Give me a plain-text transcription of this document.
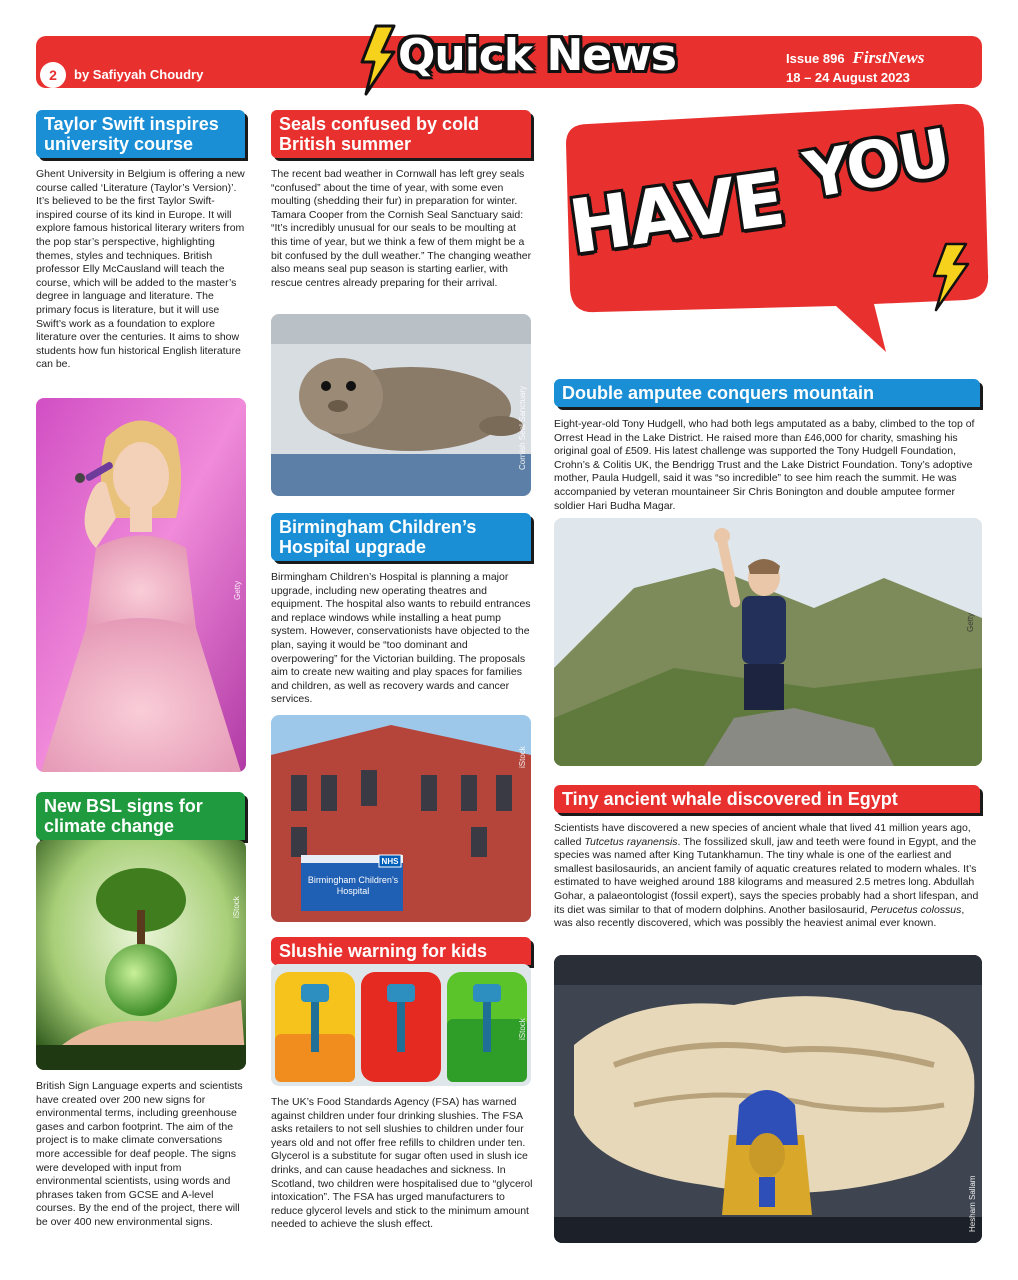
2	by Safiyyah Choudry	Quick News	Issue 896 FirstNews
18 – 24 August 2023
Taylor Swift inspires university course
Ghent University in Belgium is offering a new course called ‘Literature (Taylor’s Version)’. It’s believed to be the first Taylor Swift-inspired course of its kind in Europe. It will explore famous historical literary writers from the pop star’s perspective, highlighting themes, styles and techniques. British professor Elly McCausland will teach the course, which will be added to the master’s degree in language and literature. The primary focus is literature, but it will use Swift’s work as a foundation to explore literature over the centuries. It aims to show students how fun historical English literature can be.
Getty
New BSL signs for climate change
iStock
British Sign Language experts and scientists have created over 200 new signs for environmental terms, including greenhouse gases and carbon footprint. The aim of the project is to make climate conversations more accessible for deaf people. The signs were developed with input from environmental scientists, using words and phrases taken from GCSE and A-level courses. By the end of the project, there will be over 400 new environmental signs.
Seals confused by cold British summer
The recent bad weather in Cornwall has left grey seals “confused” about the time of year, with some even moulting (shedding their fur) in preparation for winter. Tamara Cooper from the Cornish Seal Sanctuary said: “It’s incredibly unusual for our seals to be moulting at this time of year, but we think a few of them might be a bit confused by the dull weather.” The changing weather also means seal pup season is starting earlier, with rescue centres already preparing for their arrival.
Cornish Seal Sanctuary
Birmingham Children’s Hospital upgrade
Birmingham Children’s Hospital is planning a major upgrade, including new operating theatres and equipment. The hospital also wants to rebuild entrances and replace windows while installing a heat pump system. However, conservationists have objected to the plan, saying it would be “too dominant and overpowering” for the Victorian building. The proposals aim to create new waiting and play spaces for families and children, as well as recovery wards and cancer services.
NHS
Birmingham Children’s Hospital
iStock
Slushie warning for kids
iStock
The UK’s Food Standards Agency (FSA) has warned against children under four drinking slushies. The FSA asks retailers to not sell slushies to children under four years old and not offer free refills to children under ten. Glycerol is a substitute for sugar often used in slush ice drinks, and can cause headaches and sickness. In Scotland, two children were hospitalised due to “glycerol intoxication”. The FSA has urged manufacturers to reduce glycerol levels and stick to the minimum amount needed to achieve the slush effect.
HAVE YOU
Double amputee conquers mountain
Eight-year-old Tony Hudgell, who had both legs amputated as a baby, climbed to the top of Orrest Head in the Lake District. He raised more than £46,000 for charity, smashing his original goal of £509. His latest challenge was supported the Tony Hudgell Foundation, Crohn’s & Colitis UK, the Bendrigg Trust and the Lake District Foundation. Tony’s adoptive mother, Paula Hudgell, said it was “so incredible” to see him reach the summit. He was accompanied by veteran mountaineer Sir Chris Bonington and double amputee former soldier Hari Budha Magar.
Getty
Tiny ancient whale discovered in Egypt
Scientists have discovered a new species of ancient whale that lived 41 million years ago, called Tutcetus rayanensis. The fossilized skull, jaw and teeth were found in Egypt, and the species was named after King Tutankhamun. The tiny whale is one of the earliest and smallest basilosaurids, an ancient family of aquatic creatures related to modern whales. It’s estimated to have weighed around 188 kilograms and measured 2.5 metres long. Abdullah Gohar, a palaeontologist (fossil expert), says the species probably had a short lifespan, and its diet was similar to that of modern dolphins. Another basilosaurid, Perucetus colossus, was also recently discovered, which was possibly the heaviest animal ever known.
Hesham Sallam
